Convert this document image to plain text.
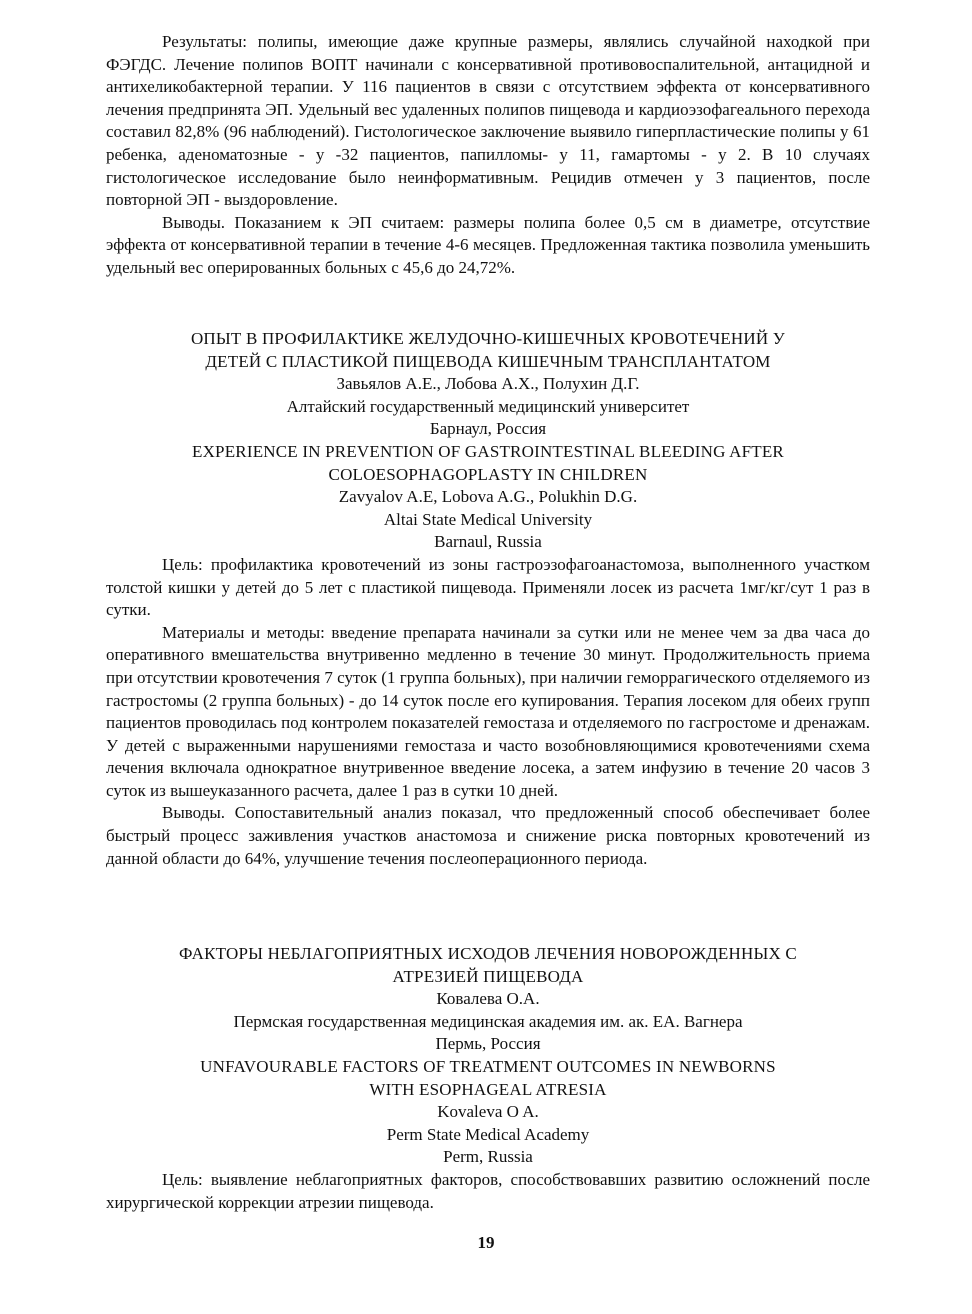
Результаты: полипы, имеющие даже крупные размеры, являлись случайной находкой при ФЭГДС. Лечение полипов ВОПТ начинали с консервативной противовоспалительной, антацидной и антихеликобактерной терапии. У 116 пациентов в связи с отсутствием эффекта от консервативного лечения предпринята ЭП. Удельный вес удаленных полипов пищевода и кардиоэзофагеального перехода составил 82,8% (96 наблюдений). Гистологическое заключение выявило гиперпластические полипы у 61 ребенка, аденоматозные - у -32 пациентов, папилломы- у 11, гамартомы - у 2. В 10 случаях гистологическое исследование было неинформативным. Рецидив отмечен у 3 пациентов, после повторной ЭП - выздоровление.

Выводы. Показанием к ЭП считаем: размеры полипа более 0,5 см в диаметре, отсутствие эффекта от консервативной терапии в течение 4-6 месяцев. Предложенная тактика позволила уменьшить удельный вес оперированных больных с 45,6 до 24,72%.

ОПЫТ В ПРОФИЛАКТИКЕ ЖЕЛУДОЧНО-КИШЕЧНЫХ КРОВОТЕЧЕНИЙ У
ДЕТЕЙ С ПЛАСТИКОЙ ПИЩЕВОДА КИШЕЧНЫМ ТРАНСПЛАНТАТОМ
Завьялов А.Е., Лобова А.Х., Полухин Д.Г.
Алтайский государственный медицинский университет
Барнаул, Россия
EXPERIENCE IN PREVENTION OF GASTROINTESTINAL BLEEDING AFTER
COLOESOPHAGOPLASTY IN CHILDREN
Zavyalov A.E, Lobova A.G., Polukhin D.G.
Altai State Medical University
Barnaul, Russia

Цель: профилактика кровотечений из зоны гастроэзофагоанастомоза, выполненного участком толстой кишки у детей до 5 лет с пластикой пищевода. Применяли лосек из расчета 1мг/кг/сут 1 раз в сутки.

Материалы и методы: введение препарата начинали за сутки или не менее чем за два часа до оперативного вмешательства внутривенно медленно в течение 30 минут. Продолжительность приема при отсутствии кровотечения 7 суток (1 группа больных), при наличии геморрагического отделяемого из гастростомы (2 группа больных) - до 14 суток после его купирования. Терапия лосеком для обеих групп пациентов проводилась под контролем показателей гемостаза и отделяемого по гасгростоме и дренажам. У детей с выраженными нарушениями гемостаза и часто возобновляющимися кровотечениями схема лечения включала однократное внутривенное введение лосека, а затем инфузию в течение 20 часов 3 суток из вышеуказанного расчета, далее 1 раз в сутки 10 дней.

Выводы. Сопоставительный анализ показал, что предложенный способ обеспечивает более быстрый процесс заживления участков анастомоза и снижение риска повторных кровотечений из данной области до 64%, улучшение течения послеоперационного периода.

ФАКТОРЫ НЕБЛАГОПРИЯТНЫХ ИСХОДОВ ЛЕЧЕНИЯ НОВОРОЖДЕННЫХ С
АТРЕЗИЕЙ ПИЩЕВОДА
Ковалева О.А.
Пермская государственная медицинская академия им. ак. ЕА. Вагнера
Пермь, Россия
UNFAVOURABLE FACTORS OF TREATMENT OUTCOMES IN NEWBORNS
WITH ESOPHAGEAL ATRESIA
Kovaleva O A.
Perm State Medical Academy
Perm, Russia

Цель: выявление неблагоприятных факторов, способствовавших развитию осложнений после хирургической коррекции атрезии пищевода.

19
